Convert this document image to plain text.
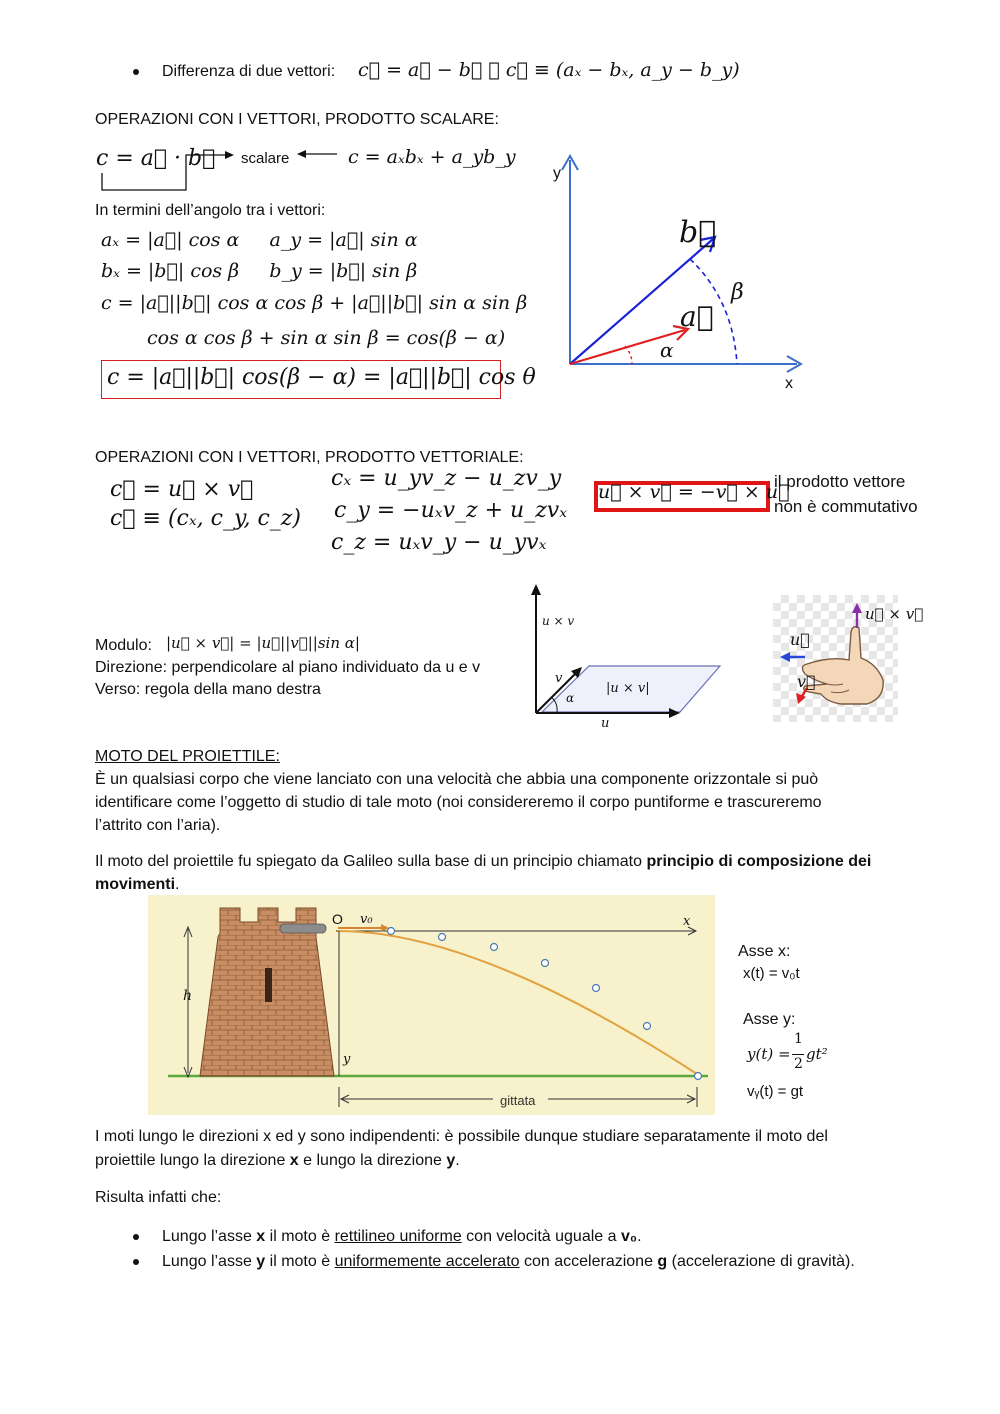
Differenza di due vettori: c⃗ = a⃗ − b⃗ ➔ c⃗ ≡ (aₓ − bₓ, a_y − b_y)
OPERAZIONI CON I VETTORI, PRODOTTO SCALARE:
c = a⃗ · b⃗ scalare	c = aₓbₓ + a_yb_y
In termini dell’angolo tra i vettori:
aₓ = |a⃗| cos α     a_y = |a⃗| sin α
bₓ = |b⃗| cos β     b_y = |b⃗| sin β
c = |a⃗||b⃗| cos α cos β + |a⃗||b⃗| sin α sin β
cos α cos β + sin α sin β = cos(β − α)
c = |a⃗||b⃗| cos(β − α) = |a⃗||b⃗| cos θ
y
x
b⃗
a⃗
β
α
OPERAZIONI CON I VETTORI, PRODOTTO VETTORIALE:
c⃗ = u⃗ × v⃗
c⃗ ≡ (cₓ, c_y, c_z)
cₓ = u_yv_z − u_zv_y
c_y = −uₓv_z + u_zvₓ
c_z = uₓv_y − u_yvₓ
u⃗ × v⃗ = −v⃗ × u⃗
il prodotto vettore
non è commutativo
Modulo: |u⃗ × v⃗| = |u⃗||v⃗||sin α|
Direzione: perpendicolare al piano individuato da u e v
Verso: regola della mano destra
u × v
v
α
|u × v|
u
u⃗ × v⃗
u⃗
v⃗
MOTO DEL PROIETTILE:
È un qualsiasi corpo che viene lanciato con una velocità che abbia una componente orizzontale si può
identificare come l’oggetto di studio di tale moto (noi considereremo il corpo puntiforme e trascureremo
l’attrito con l’aria).
Il moto del proiettile fu spiegato da Galileo sulla base di un principio chiamato principio di composizione dei
movimenti.
O v₀	x
h
y
gittata
Asse x:
x(t) = v₀t
Asse y:
y(t) =
1
2
gt²
vᵧ(t) = gt
I moti lungo le direzioni x ed y sono indipendenti: è possibile dunque studiare separatamente il moto del
proiettile lungo la direzione x e lungo la direzione y.
Risulta infatti che:
Lungo l’asse x il moto è rettilineo uniforme con velocità uguale a v₀.
Lungo l’asse y il moto è uniformemente accelerato con accelerazione g (accelerazione di gravità).
